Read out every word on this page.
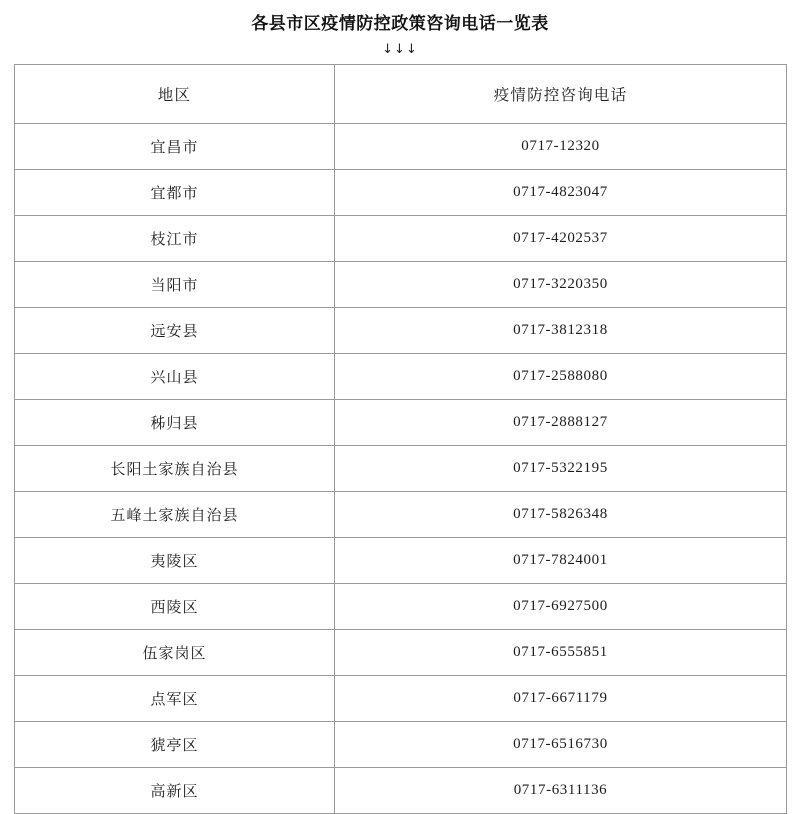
各县市区疫情防控政策咨询电话一览表
↓↓↓
地区	疫情防控咨询电话
宜昌市	0717-12320
宜都市	0717-4823047
枝江市	0717-4202537
当阳市	0717-3220350
远安县	0717-3812318
兴山县	0717-2588080
秭归县	0717-2888127
长阳土家族自治县	0717-5322195
五峰土家族自治县	0717-5826348
夷陵区	0717-7824001
西陵区	0717-6927500
伍家岗区	0717-6555851
点军区	0717-6671179
猇亭区	0717-6516730
高新区	0717-6311136
